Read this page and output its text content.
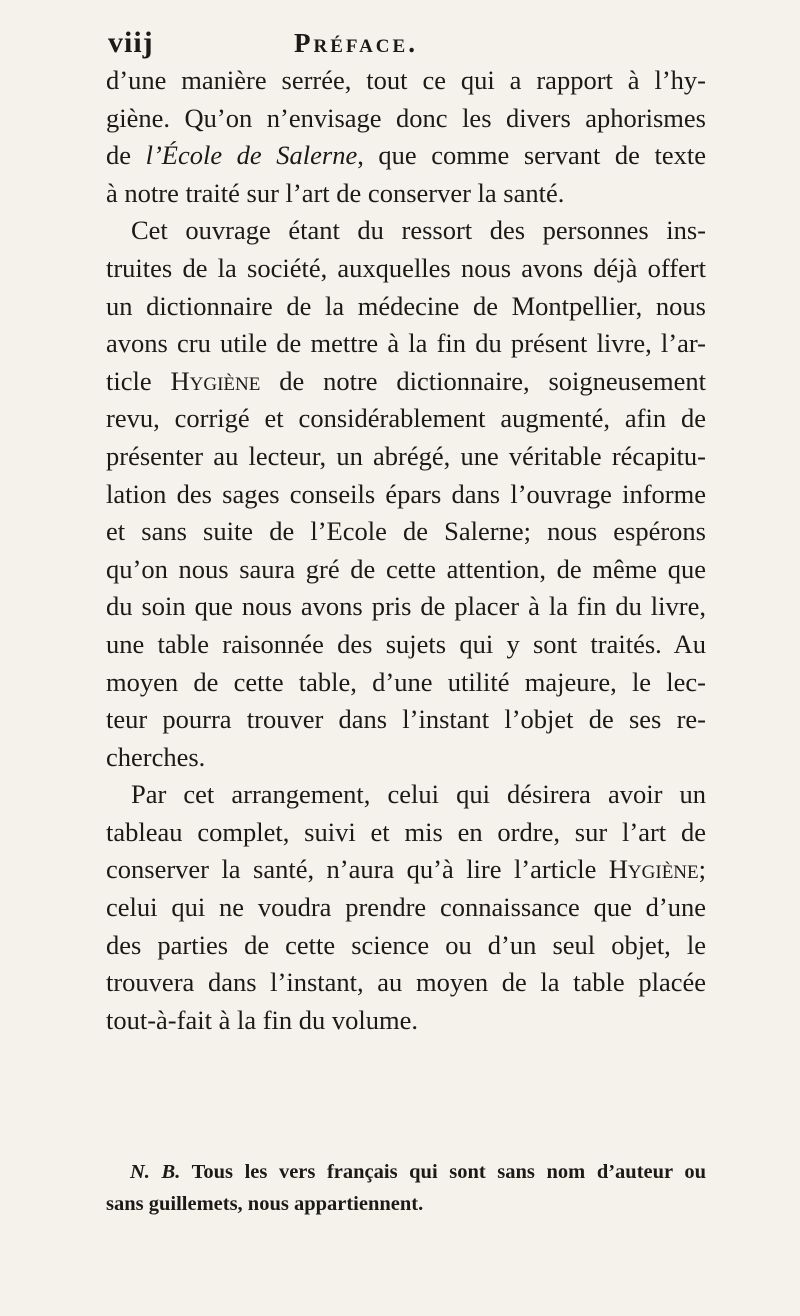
viij	Préface.
d’une manière serrée, tout ce qui a rapport à l’hy-
giène. Qu’on n’envisage donc les divers aphorismes
de l’École de Salerne, que comme servant de texte
à notre traité sur l’art de conserver la santé.
Cet ouvrage étant du ressort des personnes ins-
truites de la société, auxquelles nous avons déjà offert
un dictionnaire de la médecine de Montpellier, nous
avons cru utile de mettre à la fin du présent livre, l’ar-
ticle Hygiène de notre dictionnaire, soigneusement
revu, corrigé et considérablement augmenté, afin de
présenter au lecteur, un abrégé, une véritable récapitu-
lation des sages conseils épars dans l’ouvrage informe
et sans suite de l’Ecole de Salerne; nous espérons
qu’on nous saura gré de cette attention, de même que
du soin que nous avons pris de placer à la fin du livre,
une table raisonnée des sujets qui y sont traités. Au
moyen de cette table, d’une utilité majeure, le lec-
teur pourra trouver dans l’instant l’objet de ses re-
cherches.
Par cet arrangement, celui qui désirera avoir un
tableau complet, suivi et mis en ordre, sur l’art de
conserver la santé, n’aura qu’à lire l’article Hygiène;
celui qui ne voudra prendre connaissance que d’une
des parties de cette science ou d’un seul objet, le
trouvera dans l’instant, au moyen de la table placée
tout-à-fait à la fin du volume.
N. B. Tous les vers français qui sont sans nom d’auteur ou
sans guillemets, nous appartiennent.
